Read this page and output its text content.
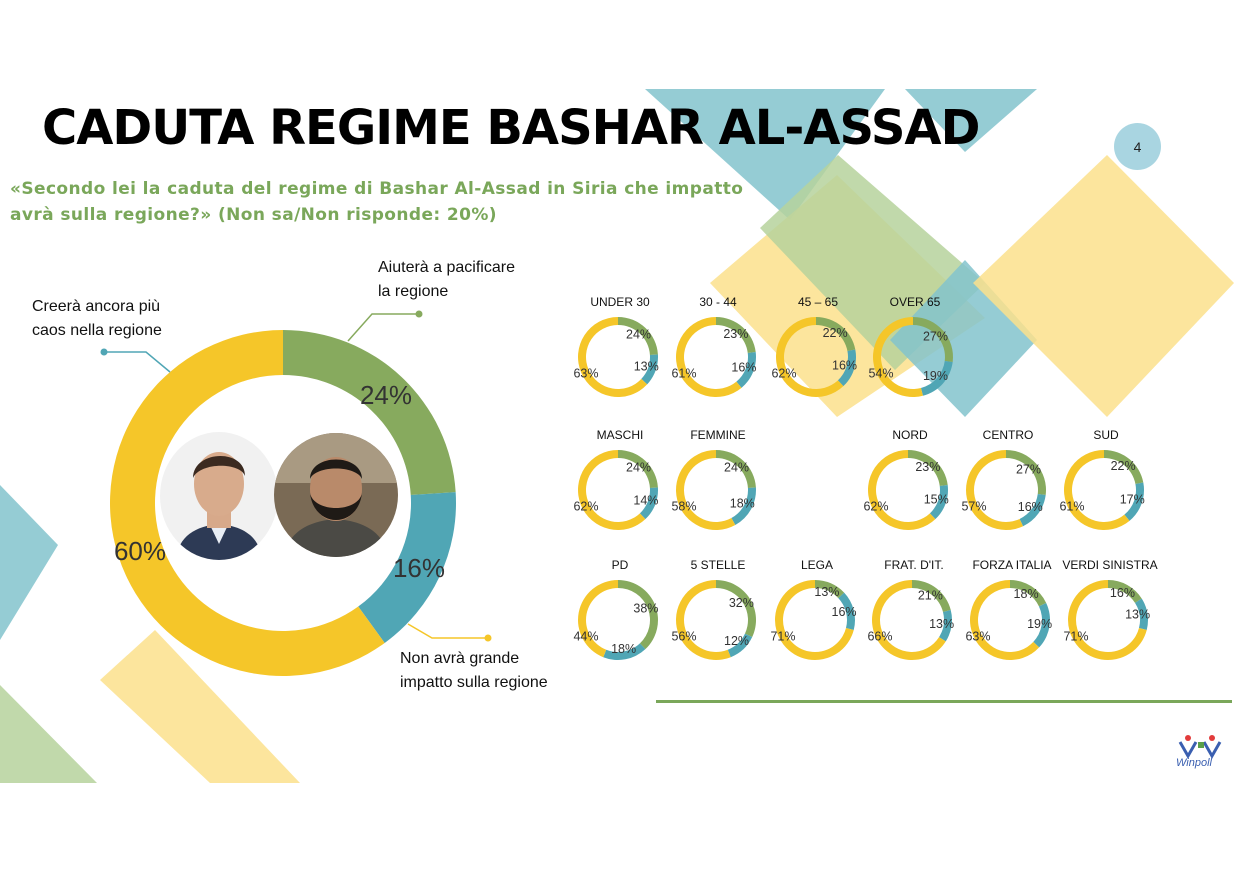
CADUTA REGIME BASHAR AL-ASSAD	4
«Secondo lei la caduta del regime di Bashar Al-Assad in Siria che impatto avrà sulla regione?» (Non sa/Non risponde: 20%)
Aiuterà a pacificare
la regione
Creerà ancora più
caos nella regione
Non avrà grande
impatto sulla regione
24%
16%
60%
UNDER 30
24%
13%
63%
30 - 44
23%
16%
61%
45 – 65
22%
16%
62%
OVER 65
27%
19%
54%
MASCHI
24%
14%
62%
FEMMINE
24%
18%
58%
NORD
23%
15%
62%
CENTRO
27%
16%
57%
SUD
22%
17%
61%
PD
38%
18%
44%
5 STELLE
32%
12%
56%
LEGA
13%
16%
71%
FRAT. D'IT.
21%
13%
66%
FORZA ITALIA
18%
19%
63%
VERDI SINISTRA
16%
13%
71%
Winpoll
